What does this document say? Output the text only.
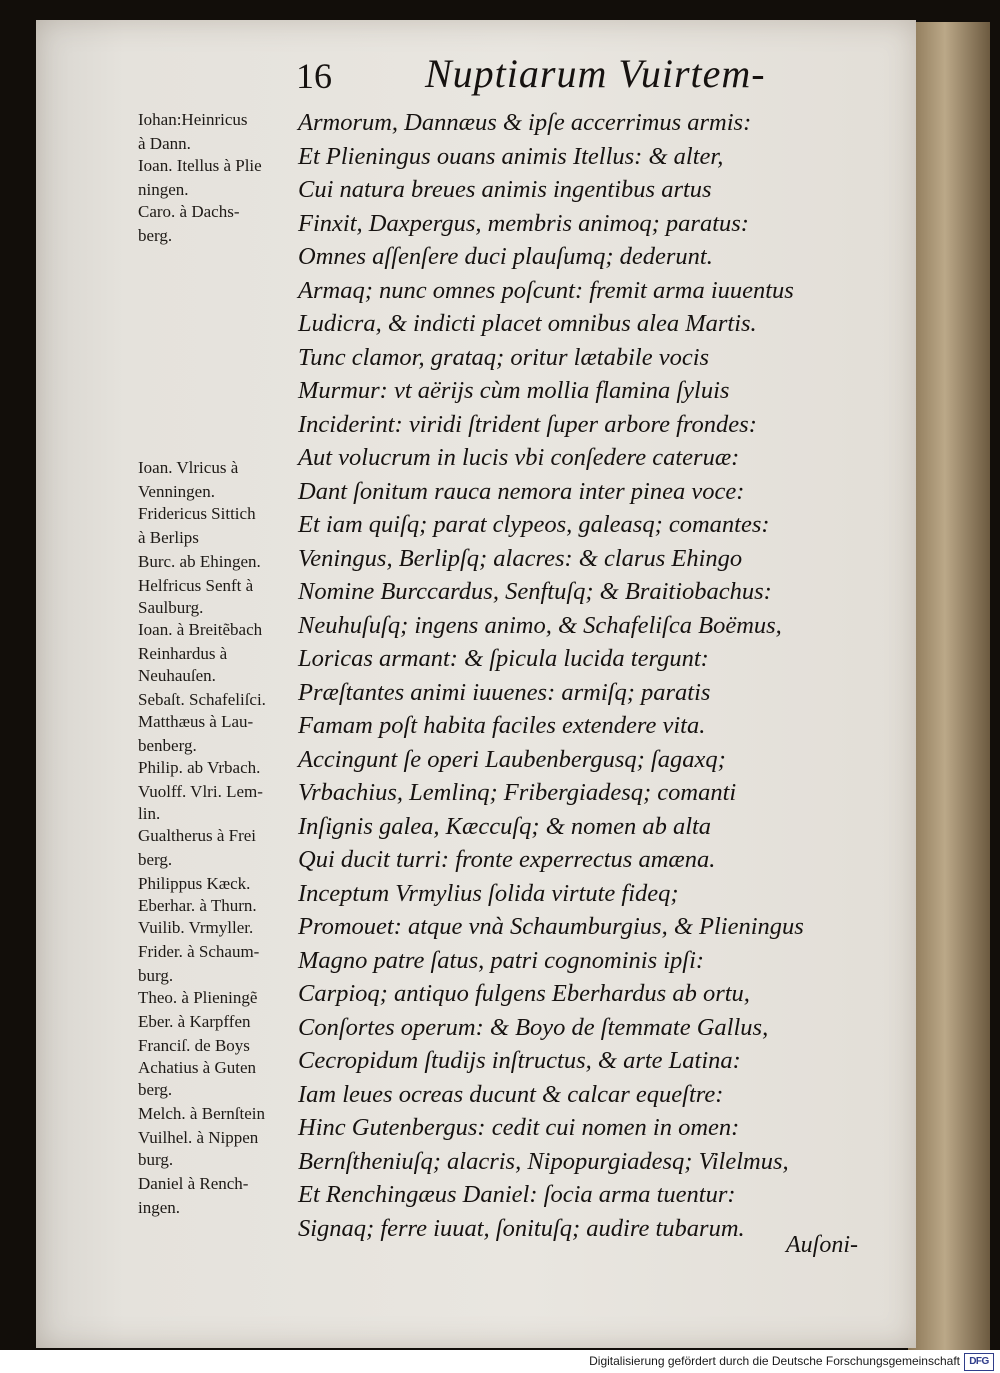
16 Nuptiarum Vuirtem-
Iohan:Heinricus
à Dann.
Ioan. Itellus à Plie
ningen.
Caro. à Dachs-
berg.
Ioan. Vlricus à
Venningen.
Fridericus Sittich
à Berlips
Burc. ab Ehingen.
Helfricus Senft à
Saulburg.
Ioan. à Breitẽbach
Reinhardus à
Neuhauſen.
Sebaſt. Schafeliſci.
Matthæus à Lau-
benberg.
Philip. ab Vrbach.
Vuolff. Vlri. Lem-
lin.
Gualtherus à Frei
berg.
Philippus Kæck.
Eberhar. à Thurn.
Vuilib. Vrmyller.
Frider. à Schaum-
burg.
Theo. à Plieningẽ
Eber. à Karpffen
Franciſ. de Boys
Achatius à Guten
berg.
Melch. à Bernſtein
Vuilhel. à Nippen
burg.
Daniel à Rench-
ingen.
Armorum, Dannæus & ipſe accerrimus armis:
Et Plieningus ouans animis Itellus: & alter,
Cui natura breues animis ingentibus artus
Finxit, Daxpergus, membris animoq; paratus:
Omnes aſſenſere duci plauſumq; dederunt.
Armaq; nunc omnes poſcunt: fremit arma iuuentus
Ludicra, & indicti placet omnibus alea Martis.
Tunc clamor, grataq; oritur lætabile vocis
Murmur: vt aërijs cùm mollia flamina ſyluis
Inciderint: viridi ſtrident ſuper arbore frondes:
Aut volucrum in lucis vbi conſedere cateruæ:
Dant ſonitum rauca nemora inter pinea voce:
Et iam quiſq; parat clypeos, galeasq; comantes:
Veningus, Berlipſq; alacres: & clarus Ehingo
Nomine Burccardus, Senftuſq; & Braitiobachus:
Neuhuſuſq; ingens animo, & Schafeliſca Boëmus,
Loricas armant: & ſpicula lucida tergunt:
Præſtantes animi iuuenes: armiſq; paratis
Famam poſt habita faciles extendere vita.
Accingunt ſe operi Laubenbergusq; ſagaxq;
Vrbachius, Lemlinq; Fribergiadesq; comanti
Inſignis galea, Kæccuſq; & nomen ab alta
Qui ducit turri: fronte experrectus amæna.
Inceptum Vrmylius ſolida virtute fideq;
Promouet: atque vnà Schaumburgius, & Plieningus
Magno patre ſatus, patri cognominis ipſi:
Carpioq; antiquo fulgens Eberhardus ab ortu,
Conſortes operum: & Boyo de ſtemmate Gallus,
Cecropidum ſtudijs inſtructus, & arte Latina:
Iam leues ocreas ducunt & calcar equeſtre:
Hinc Gutenbergus: cedit cui nomen in omen:
Bernſtheniuſq; alacris, Nipopurgiadesq; Vilelmus,
Et Renchingæus Daniel: ſocia arma tuentur:
Signaq; ferre iuuat, ſonituſq; audire tubarum.
Auſoni-
Digitalisierung gefördert durch die Deutsche Forschungsgemeinschaft DFG
